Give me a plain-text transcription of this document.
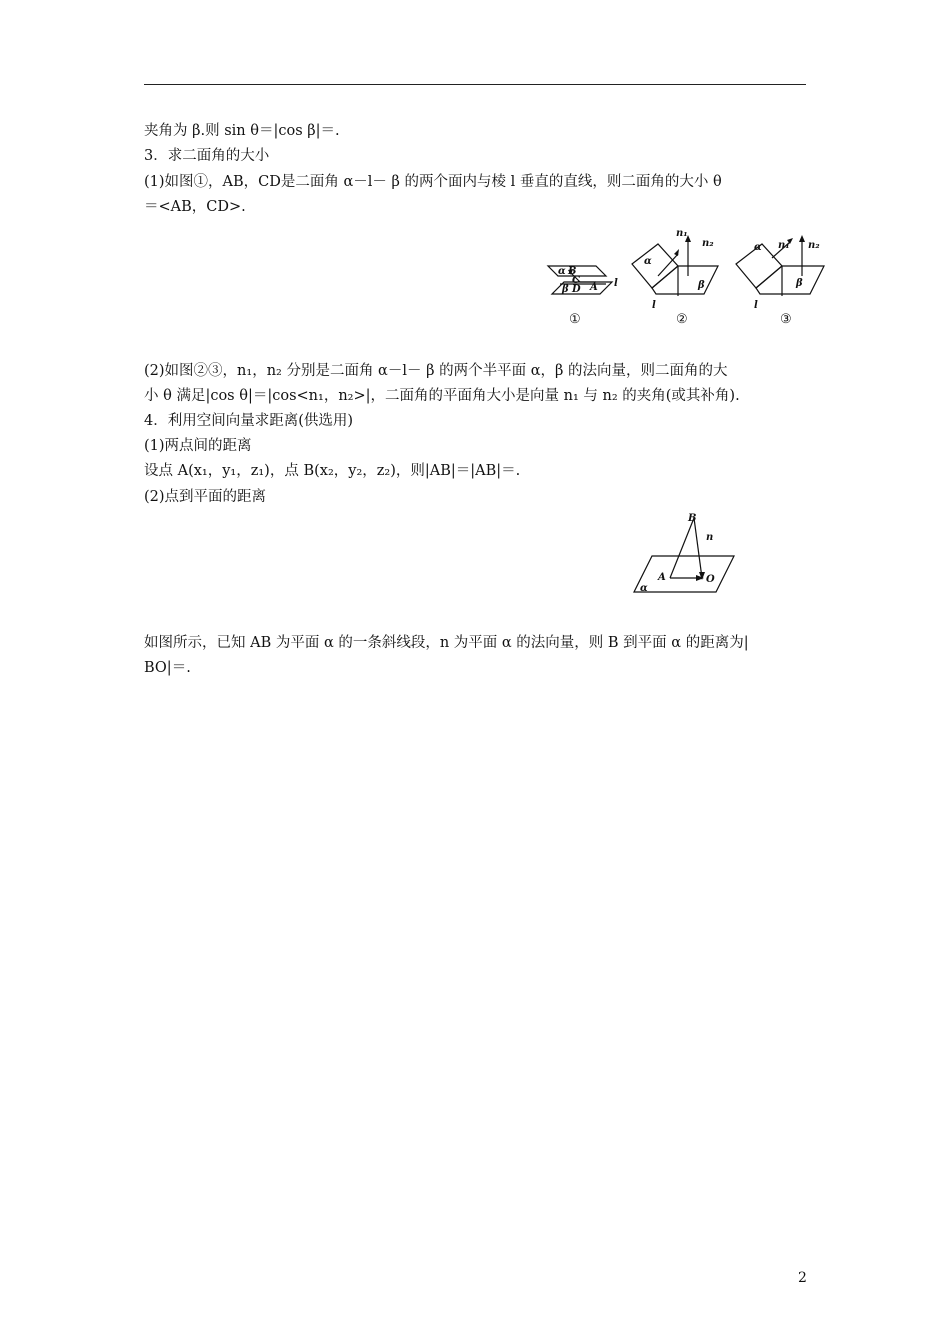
夹角为 β.则 sin θ＝|cos β|＝.
3．求二面角的大小
(1)如图①，AB，CD是二面角 α－l－ β 的两个面内与棱 l 垂直的直线，则二面角的大小 θ
＝<AB，CD>.
α B
C
β D A l
n₁
n₂
α
β
l
n₁ n₂
α
β
l
①	②	③
(2)如图②③，n₁，n₂ 分别是二面角 α－l－ β 的两个半平面 α，β 的法向量，则二面角的大
小 θ 满足|cos θ|＝|cos<n₁，n₂>|，二面角的平面角大小是向量 n₁ 与 n₂ 的夹角(或其补角).
4．利用空间向量求距离(供选用)
(1)两点间的距离
设点 A(x₁，y₁，z₁)，点 B(x₂，y₂，z₂)，则|AB|＝|AB|＝.
(2)点到平面的距离
B
n
A	O
α
如图所示，已知 AB 为平面 α 的一条斜线段，n 为平面 α 的法向量，则 B 到平面 α 的距离为|
BO|＝.
2
